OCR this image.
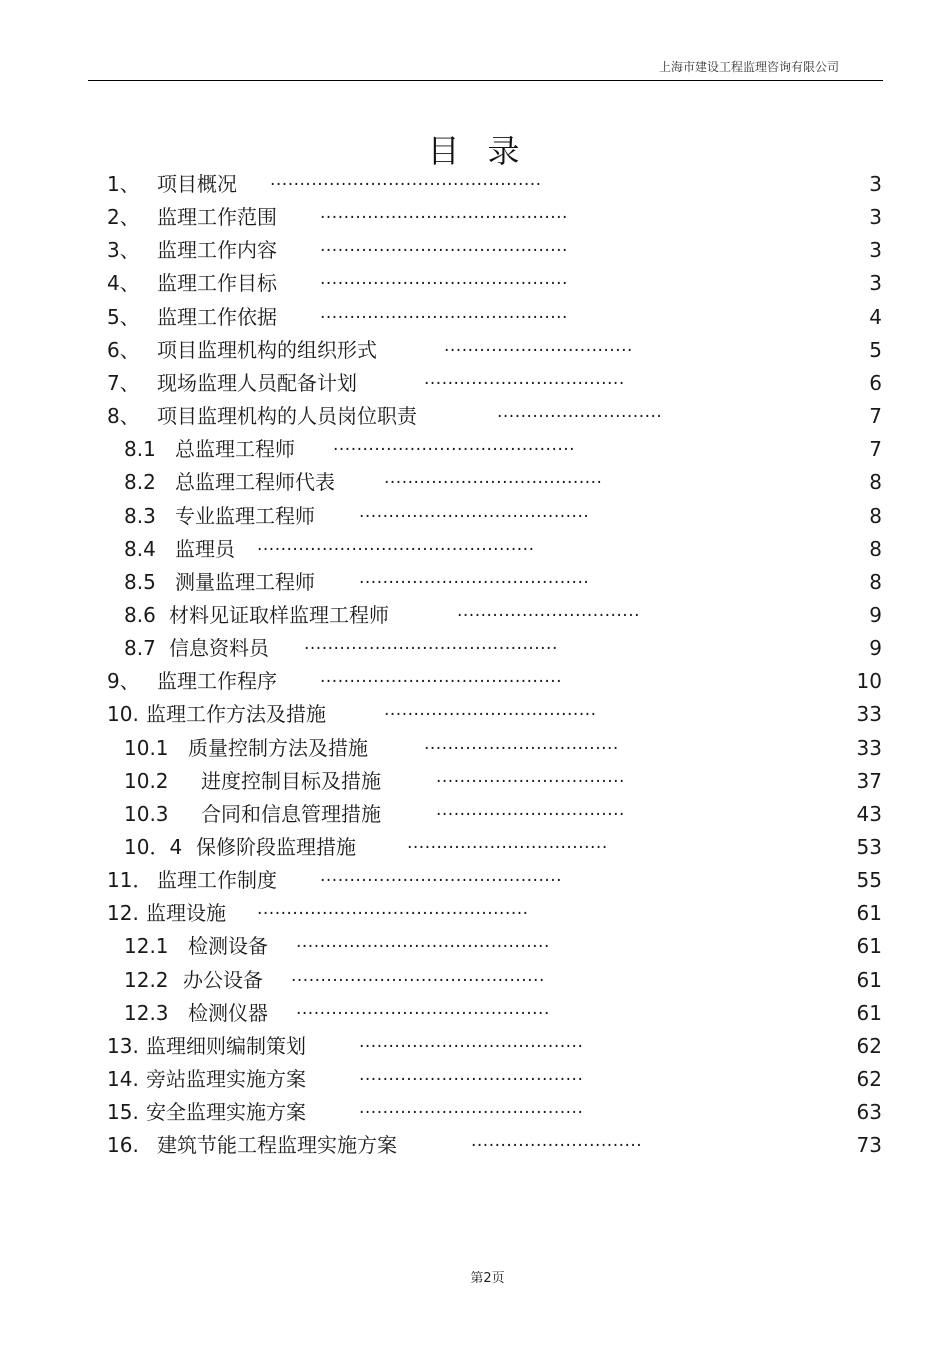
上海市建设工程监理咨询有限公司
目录
1、 项目概况 ..............................................	3
2、 监理工作范围	..........................................	3
3、 监理工作内容	..........................................	3
4、 监理工作目标	..........................................	3
5、 监理工作依据	..........................................	4
6、 项目监理机构的组织形式	................................	5
7、 现场监理人员配备计划	..................................	6
8、 项目监理机构的人员岗位职责	............................	7
8.1 总监理工程师 .........................................	7
8.2 总监理工程师代表	.....................................	8
8.3 专业监理工程师	.......................................	8
8.4 监理员 ...............................................	8
8.5 测量监理工程师	.......................................	8
8.6 材料见证取样监理工程师	...............................	9
8.7 信息资料员 ...........................................	9
9、 监理工作程序	.........................................	10
10. 监理工作方法及措施	....................................	33
10.1 质量控制方法及措施	.................................	33
10.2 进度控制目标及措施	................................	37
10.3 合同和信息管理措施	................................	43
10．4 保修阶段监理措施	..................................	53
11． 监理工作制度	.........................................	55
12. 监理设施 ..............................................	61
12.1 检测设备 ...........................................	61
12.2 办公设备 ...........................................	61
12.3 检测仪器 ...........................................	61
13. 监理细则编制策划	......................................	62
14. 旁站监理实施方案	......................................	62
15. 安全监理实施方案	......................................	63
16. 建筑节能工程监理实施方案	.............................	73
第2页
